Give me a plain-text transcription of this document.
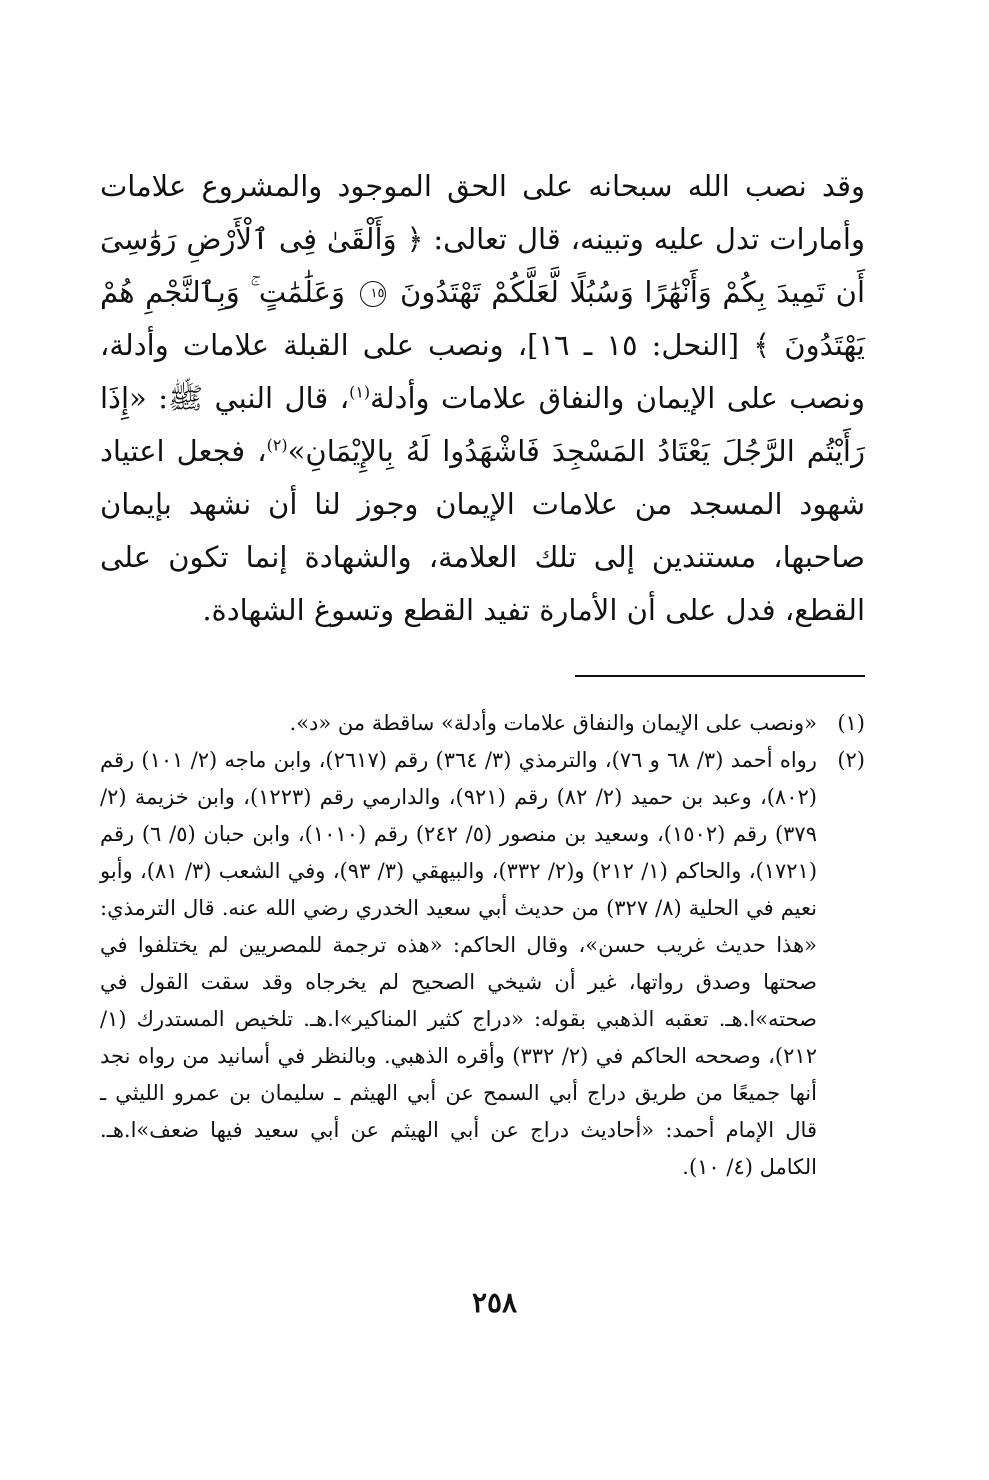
وقد نصب الله سبحانه على الحق الموجود والمشروع علامات وأمارات تدل عليه وتبينه، قال تعالى: ﴿ وَأَلْقَىٰ فِى ٱلْأَرْضِ رَوَٰسِىَ أَن تَمِيدَ بِكُمْ وَأَنْهَٰرًا وَسُبُلًا لَّعَلَّكُمْ تَهْتَدُونَ ١٥ وَعَلَٰمَٰتٍ ۚ وَبِٱلنَّجْمِ هُمْ يَهْتَدُونَ ﴾ [النحل: ١٥ ـ ١٦]، ونصب على القبلة علامات وأدلة، ونصب على الإيمان والنفاق علامات وأدلة$^{(١)}$، قال النبي ﷺ: «إِذَا رَأَيْتُم الرَّجُلَ يَعْتَادُ المَسْجِدَ فَاشْهَدُوا لَهُ بِالإِيْمَانِ»$^{(٢)}$، فجعل اعتياد شهود المسجد من علامات الإيمان وجوز لنا أن نشهد بإيمان صاحبها، مستندين إلى تلك العلامة، والشهادة إنما تكون على القطع، فدل على أن الأمارة تفيد القطع وتسوغ الشهادة.

(١)
«ونصب على الإيمان والنفاق علامات وأدلة» ساقطة من «د».
(٢)
رواه أحمد (٣/ ٦٨ و ٧٦)، والترمذي (٣/ ٣٦٤) رقم (٢٦١٧)، وابن ماجه (٢/ ١٠١) رقم (٨٠٢)، وعبد بن حميد (٢/ ٨٢) رقم (٩٢١)، والدارمي رقم (١٢٢٣)، وابن خزيمة (٢/ ٣٧٩) رقم (١٥٠٢)، وسعيد بن منصور (٥/ ٢٤٢) رقم (١٠١٠)، وابن حبان (٥/ ٦) رقم (١٧٢١)، والحاكم (١/ ٢١٢) و(٢/ ٣٣٢)، والبيهقي (٣/ ٩٣)، وفي الشعب (٣/ ٨١)، وأبو نعيم في الحلية (٨/ ٣٢٧) من حديث أبي سعيد الخدري رضي الله عنه. قال الترمذي: «هذا حديث غريب حسن»، وقال الحاكم: «هذه ترجمة للمصريين لم يختلفوا في صحتها وصدق رواتها، غير أن شيخي الصحيح لم يخرجاه وقد سقت القول في صحته»ا.هـ. تعقبه الذهبي بقوله: «دراج كثير المناكير»ا.هـ. تلخيص المستدرك (١/ ٢١٢)، وصححه الحاكم في (٢/ ٣٣٢) وأقره الذهبي. وبالنظر في أسانيد من رواه نجد أنها جميعًا من طريق دراج أبي السمح عن أبي الهيثم ـ سليمان بن عمرو الليثي ـ قال الإمام أحمد: «أحاديث دراج عن أبي الهيثم عن أبي سعيد فيها ضعف»ا.هـ. الكامل (٤/ ١٠).
٢٥٨
